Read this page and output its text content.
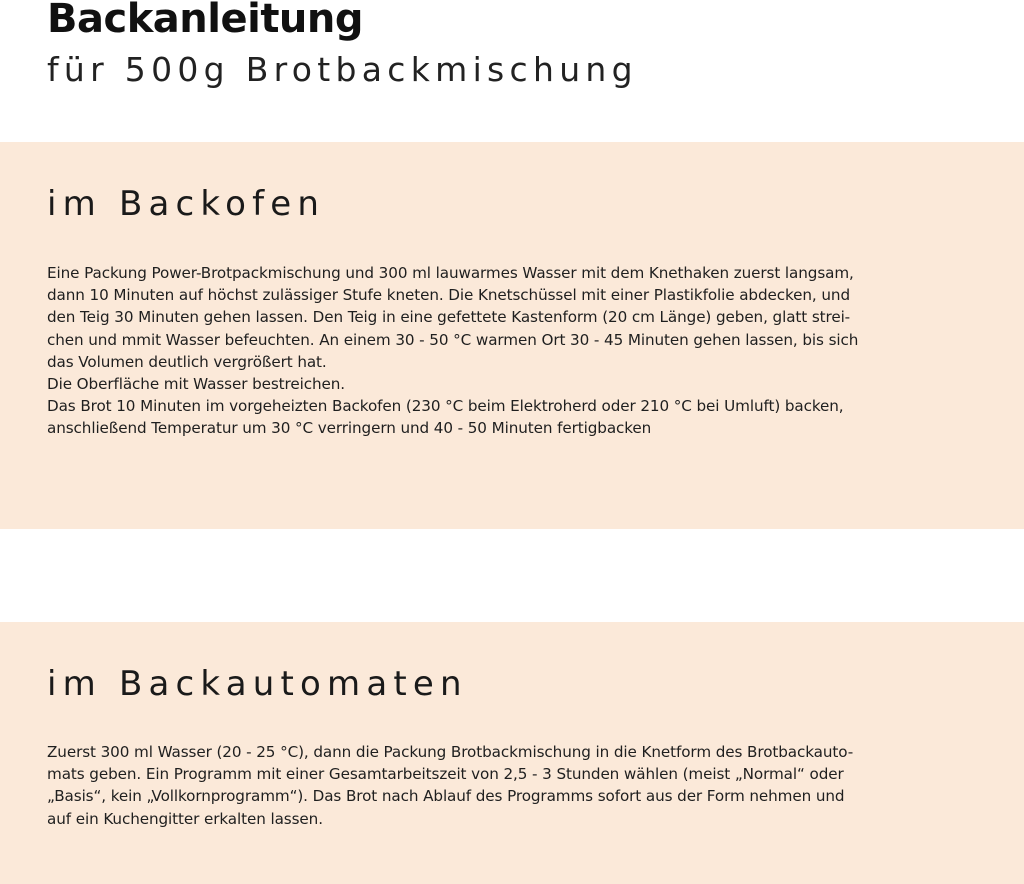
Backanleitung
für 500g Brotbackmischung
im Backofen
Eine Packung Power-Brotpackmischung und 300 ml lauwarmes Wasser mit dem Knethaken zuerst langsam,
dann 10 Minuten auf höchst zulässiger Stufe kneten. Die Knetschüssel mit einer Plastikfolie abdecken, und
den Teig 30 Minuten gehen lassen. Den Teig in eine gefettete Kastenform (20 cm Länge) geben, glatt strei-
chen und mmit Wasser befeuchten. An einem 30 - 50 °C warmen Ort 30 - 45 Minuten gehen lassen, bis sich
das Volumen deutlich vergrößert hat.
Die Oberfläche mit Wasser bestreichen.
Das Brot 10 Minuten im vorgeheizten Backofen (230 °C beim Elektroherd oder 210 °C bei Umluft) backen,
anschließend Temperatur um 30 °C verringern und 40 - 50 Minuten fertigbacken
im Backautomaten
Zuerst 300 ml Wasser (20 - 25 °C), dann die Packung Brotbackmischung in die Knetform des Brotbackauto-
mats geben. Ein Programm mit einer Gesamtarbeitszeit von 2,5 - 3 Stunden wählen (meist „Normal“ oder
„Basis“, kein „Vollkornprogramm“). Das Brot nach Ablauf des Programms sofort aus der Form nehmen und
auf ein Kuchengitter erkalten lassen.
